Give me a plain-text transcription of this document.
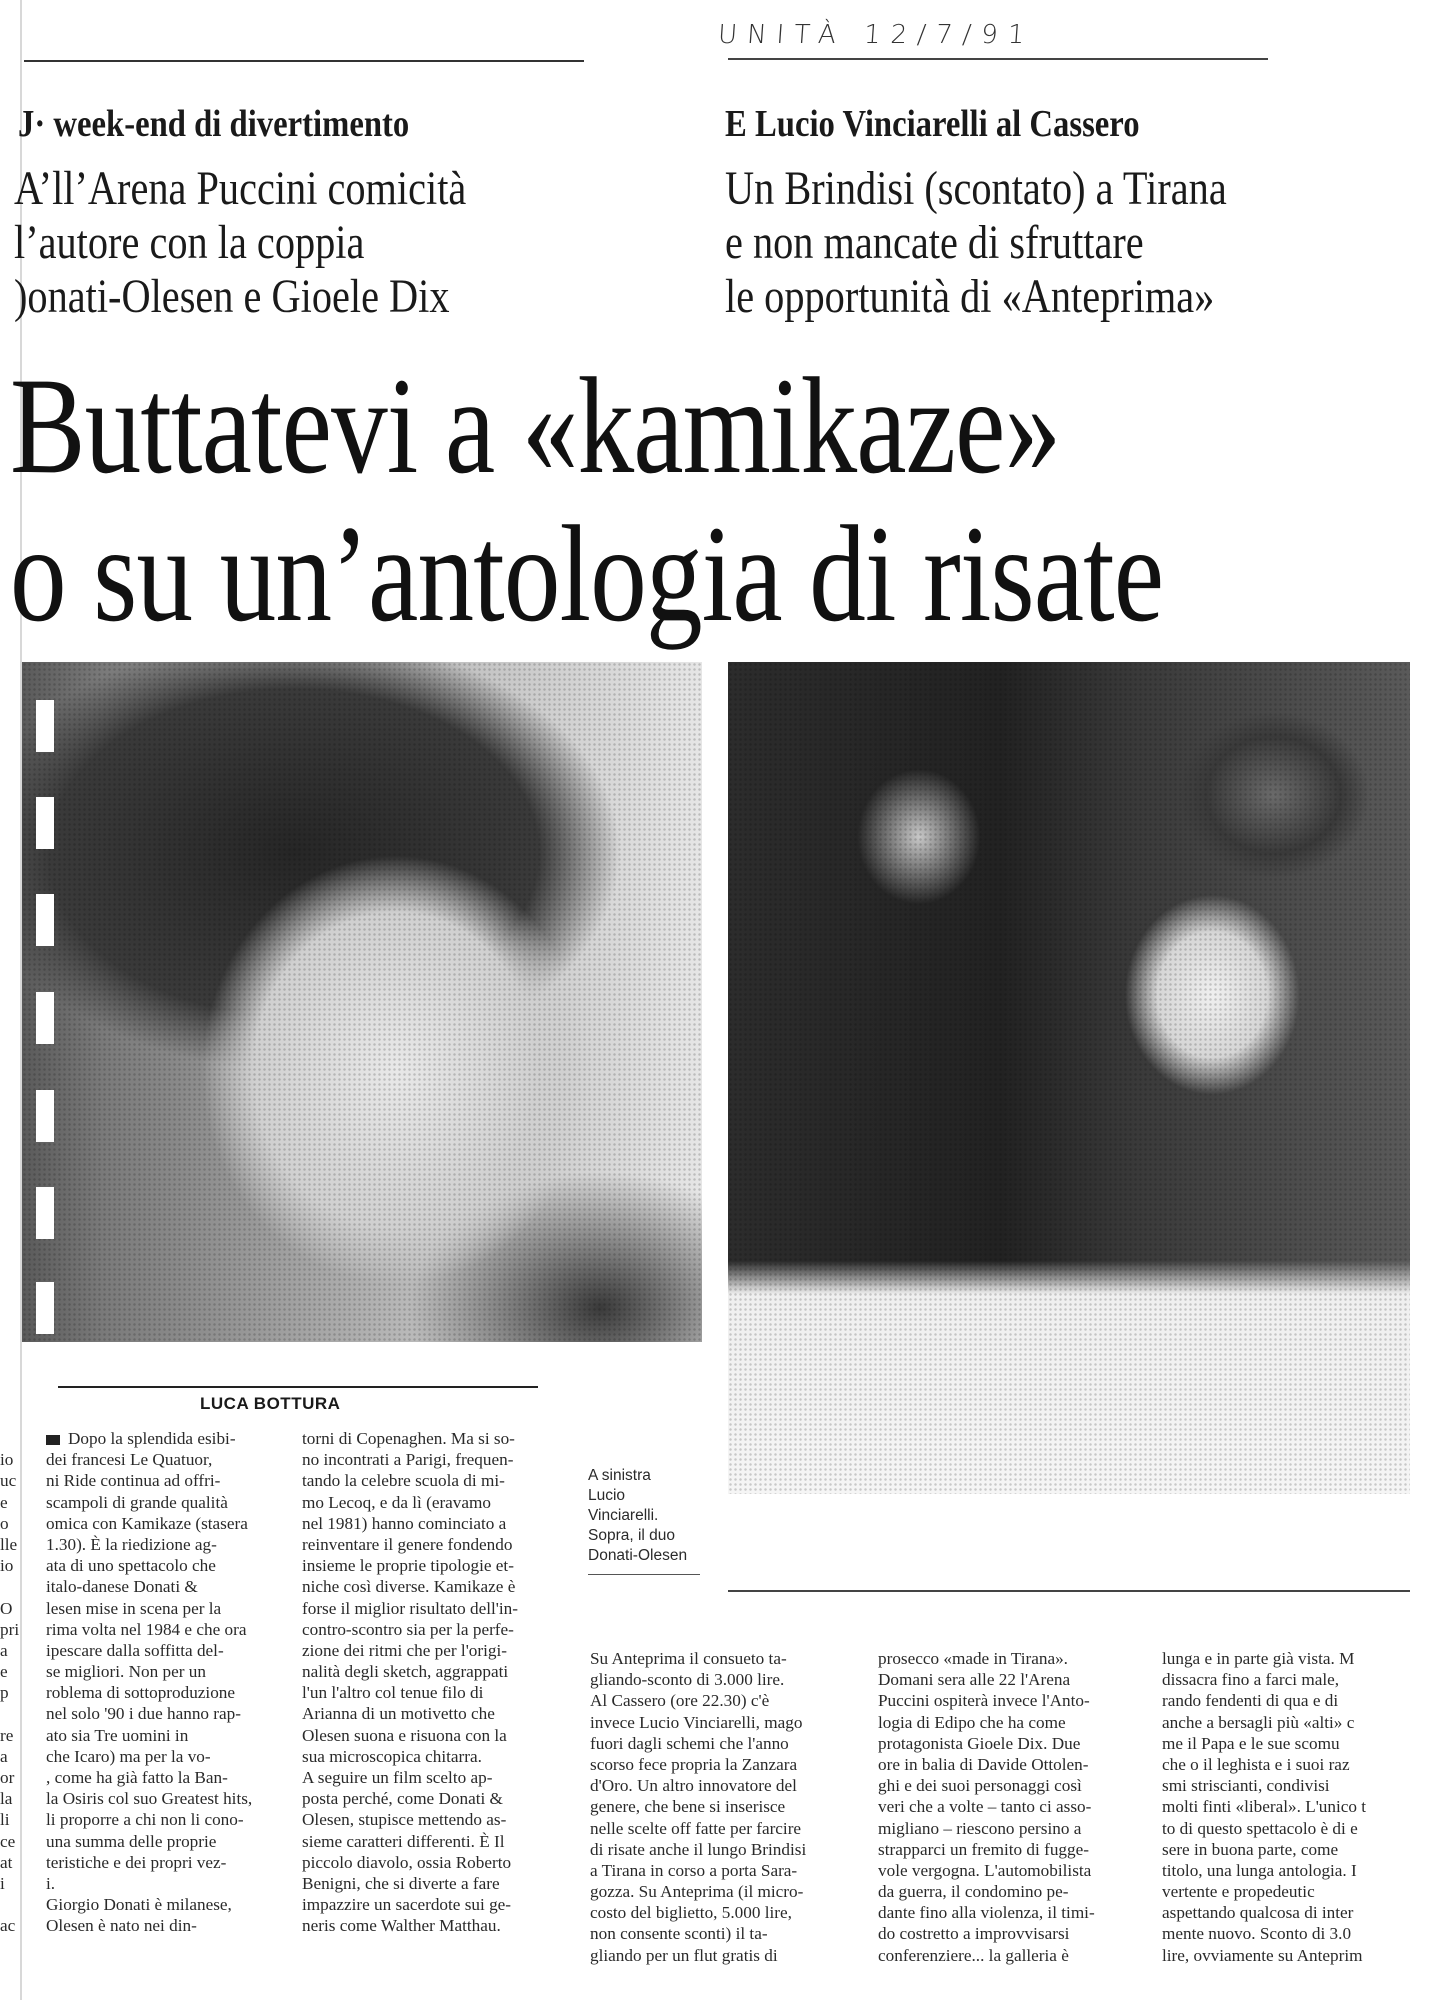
UNITÀ 12/7/91
J· week-end di divertimento
A’ll’Arena Puccini comicità
l’autore con la coppia
)onati-Olesen e Gioele Dix
E Lucio Vinciarelli al Cassero
Un Brindisi (scontato) a Tirana
e non mancate di sfruttare
le opportunità di «Anteprima»
Buttatevi a «kamikaze»
o su un’antologia di risate
LUCA BOTTURA
A sinistra
Lucio
Vinciarelli.
Sopra, il duo
Donati-Olesen
io
uc
e
o
lle
io
O
pri
a
e
p
re
a
or
la
li
ce
at
i
ac
Dopo la splendida esibi-
dei francesi Le Quatuor,
ni Ride continua ad offri-
scampoli di grande qualità
omica con Kamikaze (stasera
1.30). È la riedizione ag-
ata di uno spettacolo che
italo-danese Donati &
lesen mise in scena per la
rima volta nel 1984 e che ora
ipescare dalla soffitta del-
se migliori. Non per un
roblema di sottoproduzione
nel solo '90 i due hanno rap-
ato sia Tre uomini in
che Icaro) ma per la vo-
, come ha già fatto la Ban-
la Osiris col suo Greatest hits,
li proporre a chi non li cono-
una summa delle proprie
teristiche e dei propri vez-
i.
Giorgio Donati è milanese,
Olesen è nato nei din-
torni di Copenaghen. Ma si so-
no incontrati a Parigi, frequen-
tando la celebre scuola di mi-
mo Lecoq, e da lì (eravamo
nel 1981) hanno cominciato a
reinventare il genere fondendo
insieme le proprie tipologie et-
niche così diverse. Kamikaze è
forse il miglior risultato dell'in-
contro-scontro sia per la perfe-
zione dei ritmi che per l'origi-
nalità degli sketch, aggrappati
l'un l'altro col tenue filo di
Arianna di un motivetto che
Olesen suona e risuona con la
sua microscopica chitarra.
A seguire un film scelto ap-
posta perché, come Donati &
Olesen, stupisce mettendo as-
sieme caratteri differenti. È Il
piccolo diavolo, ossia Roberto
Benigni, che si diverte a fare
impazzire un sacerdote sui ge-
neris come Walther Matthau.
Su Anteprima il consueto ta-
gliando-sconto di 3.000 lire.
Al Cassero (ore 22.30) c'è
invece Lucio Vinciarelli, mago
fuori dagli schemi che l'anno
scorso fece propria la Zanzara
d'Oro. Un altro innovatore del
genere, che bene si inserisce
nelle scelte off fatte per farcire
di risate anche il lungo Brindisi
a Tirana in corso a porta Sara-
gozza. Su Anteprima (il micro-
costo del biglietto, 5.000 lire,
non consente sconti) il ta-
gliando per un flut gratis di
prosecco «made in Tirana».
Domani sera alle 22 l'Arena
Puccini ospiterà invece l'Anto-
logia di Edipo che ha come
protagonista Gioele Dix. Due
ore in balia di Davide Ottolen-
ghi e dei suoi personaggi così
veri che a volte – tanto ci asso-
migliano – riescono persino a
strapparci un fremito di fugge-
vole vergogna. L'automobilista
da guerra, il condomino pe-
dante fino alla violenza, il timi-
do costretto a improvvisarsi
conferenziere... la galleria è
lunga e in parte già vista. M
dissacra fino a farci male,
rando fendenti di qua e di
anche a bersagli più «alti» c
me il Papa e le sue scomu
che o il leghista e i suoi raz
smi striscianti, condivisi
molti finti «liberal». L'unico t
to di questo spettacolo è di e
sere in buona parte, come
titolo, una lunga antologia. I
vertente e propedeutic
aspettando qualcosa di inter
mente nuovo. Sconto di 3.0
lire, ovviamente su Anteprim
